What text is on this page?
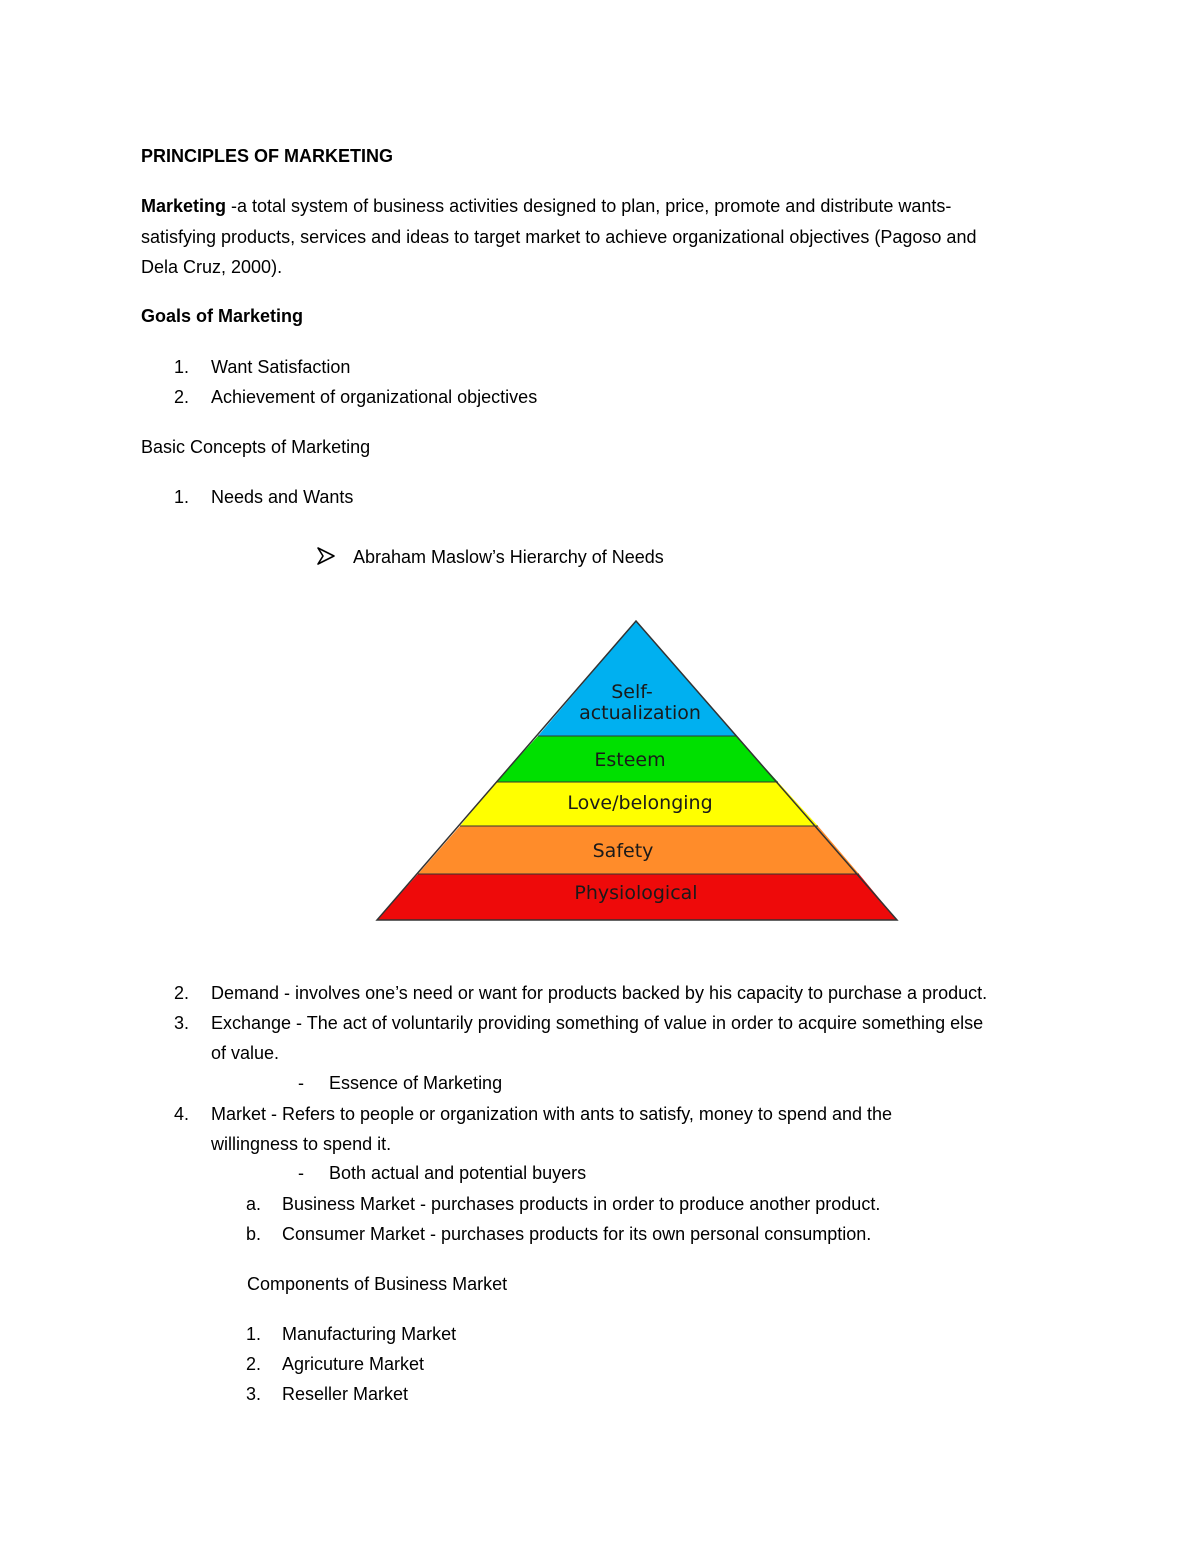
PRINCIPLES OF MARKETING
Marketing -a total system of business activities designed to plan, price, promote and distribute wants-
satisfying products, services and ideas to target market to achieve organizational objectives (Pagoso and
Dela Cruz, 2000).
Goals of Marketing
1.	Want Satisfaction
2.	Achievement of organizational objectives
Basic Concepts of Marketing
1.	Needs and Wants
Abraham Maslow’s Hierarchy of Needs
Self-
actualization
Esteem
Love/belonging
Safety
Physiological
2.	Demand - involves one’s need or want for products backed by his capacity to purchase a product.
3.	Exchange - The act of voluntarily providing something of value in order to acquire something else
of value.
- Essence of Marketing
4.	Market - Refers to people or organization with ants to satisfy, money to spend and the
willingness to spend it.
- Both actual and potential buyers
a.	Business Market - purchases products in order to produce another product.
b.	Consumer Market - purchases products for its own personal consumption.
Components of Business Market
1.	Manufacturing Market
2.	Agricuture Market
3.	Reseller Market
